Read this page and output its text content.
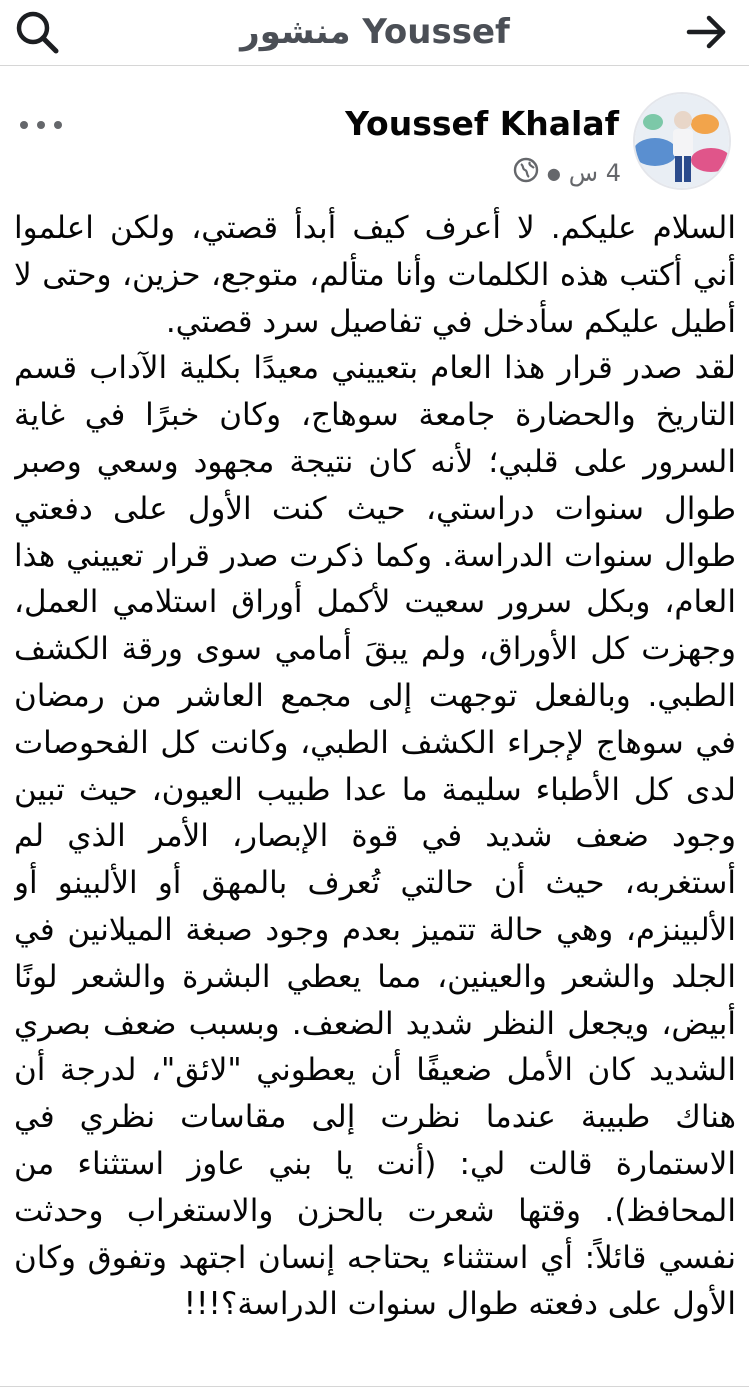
منشور Youssef
Youssef Khalaf
4 س
●

السلام عليكم. لا أعرف كيف أبدأ قصتي، ولكن اعلموا أني أكتب هذه الكلمات وأنا متألم، متوجع، حزين، وحتى لا أطيل عليكم سأدخل في تفاصيل سرد قصتي.

لقد صدر قرار هذا العام بتعييني معيدًا بكلية الآداب قسم التاريخ والحضارة جامعة سوهاج، وكان خبرًا في غاية السرور على قلبي؛ لأنه كان نتيجة مجهود وسعي وصبر طوال سنوات دراستي، حيث كنت الأول على دفعتي طوال سنوات الدراسة. وكما ذكرت صدر قرار تعييني هذا العام، وبكل سرور سعيت لأكمل أوراق استلامي العمل، وجهزت كل الأوراق، ولم يبقَ أمامي سوى ورقة الكشف الطبي. وبالفعل توجهت إلى مجمع العاشر من رمضان في سوهاج لإجراء الكشف الطبي، وكانت كل الفحوصات لدى كل الأطباء سليمة ما عدا طبيب العيون، حيث تبين وجود ضعف شديد في قوة الإبصار، الأمر الذي لم أستغربه، حيث أن حالتي تُعرف بالمهق أو الألبينو أو الألبينزم، وهي حالة تتميز بعدم وجود صبغة الميلانين في الجلد والشعر والعينين، مما يعطي البشرة والشعر لونًا أبيض، ويجعل النظر شديد الضعف. وبسبب ضعف بصري الشديد كان الأمل ضعيفًا أن يعطوني "لائق"، لدرجة أن هناك طبيبة عندما نظرت إلى مقاسات نظري في الاستمارة قالت لي: (أنت يا بني عاوز استثناء من المحافظ). وقتها شعرت بالحزن والاستغراب وحدثت نفسي قائلاً: أي استثناء يحتاجه إنسان اجتهد وتفوق وكان الأول على دفعته طوال سنوات الدراسة؟!!!
